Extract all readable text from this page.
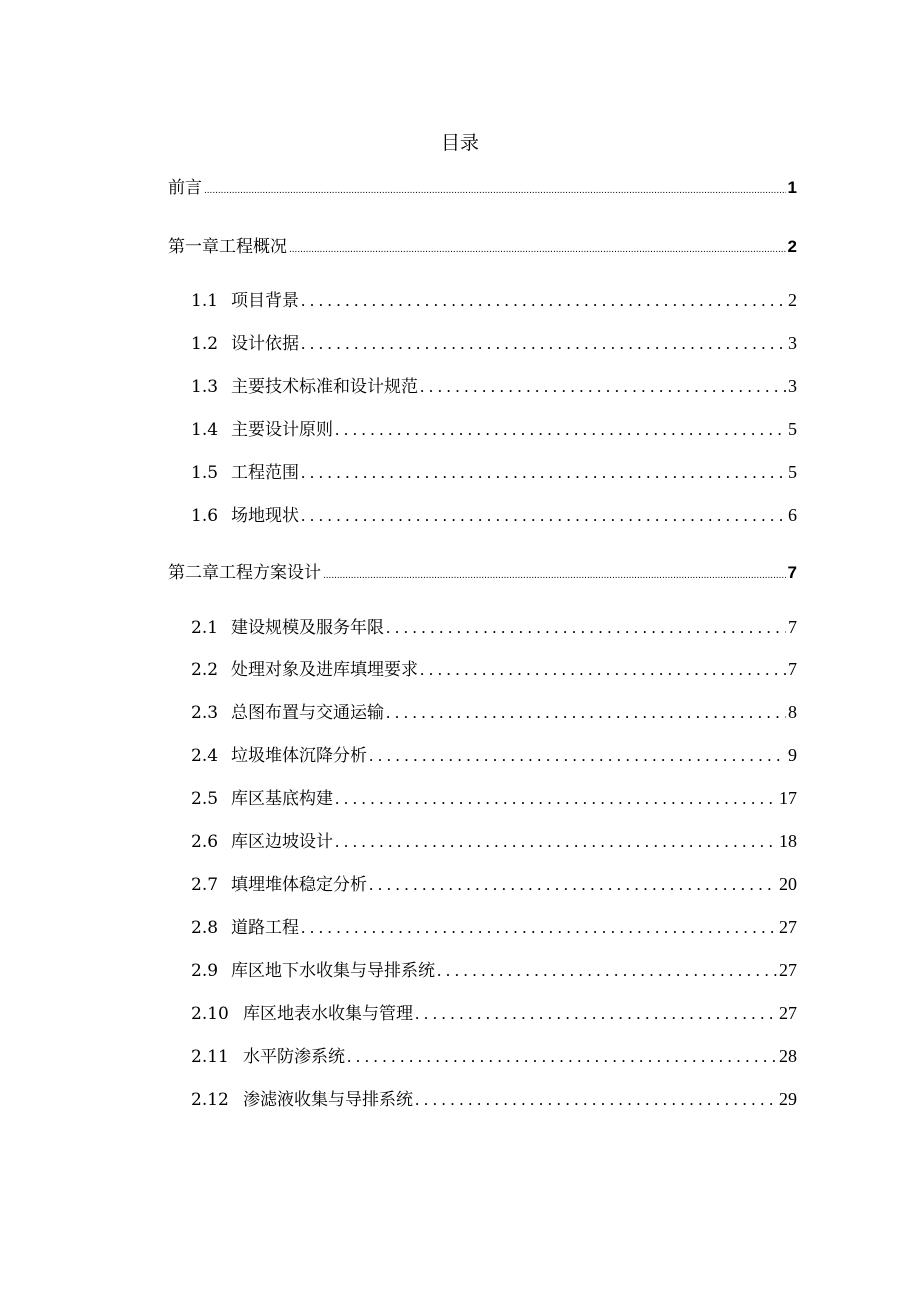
目录
前言 .....	1
第一章工程概况 .....	2
1.1 项目背景 .....	2
1.2 设计依据 .....	3
1.3 主要技术标准和设计规范 .....	3
1.4 主要设计原则 .....	5
1.5 工程范围 .....	5
1.6 场地现状 .....	6
第二章工程方案设计 .....	7
2.1 建设规模及服务年限 .....	7
2.2 处理对象及进库填埋要求 .....	7
2.3 总图布置与交通运输 .....	8
2.4 垃圾堆体沉降分析 .....	9
2.5 库区基底构建 .....	17
2.6 库区边坡设计 .....	18
2.7 填埋堆体稳定分析 .....	20
2.8 道路工程 .....	27
2.9 库区地下水收集与导排系统 .....	27
2.10 库区地表水收集与管理 .....	27
2.11 水平防渗系统 .....	28
2.12 渗滤液收集与导排系统 .....	29
